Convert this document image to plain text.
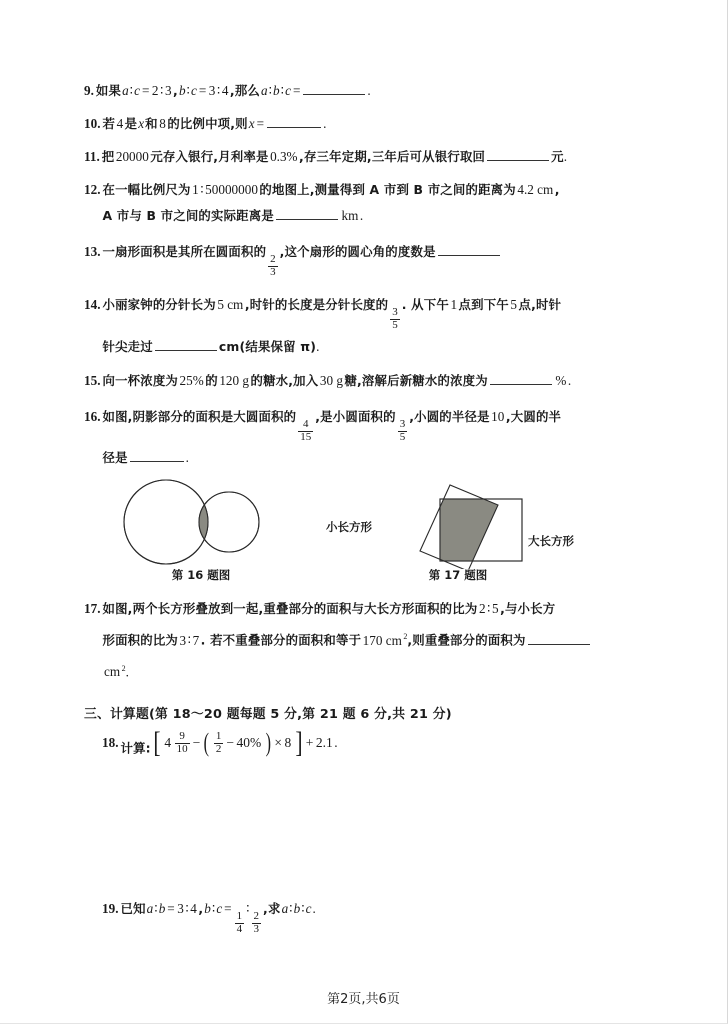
9. 如果a∶c = 2 ∶ 3 ,b∶c = 3 ∶ 4 ,那么a∶b∶c =	.
10. 若 4 是x和 8 的比例中项,则x =	.
11. 把 20000 元存入银行,月利率是 0.3% ,存三年定期,三年后可从银行取回	元.
12. 在一幅比例尺为 1 ∶ 50000000 的地图上,测量得到 A 市到 B 市之间的距离为 4.2 cm ,
A 市与 B 市之间的实际距离是	km .
13. 一扇形面积是其所在圆面积的
$\frac{2}{3}$
,这个扇形的圆心角的度数是
14. 小丽家钟的分针长为 5 cm ,时针的长度是分针长度的
$\frac{3}{5}$
. 从下午 1 点到下午 5 点,时针
针尖走过	cm(结果保留 π).
15. 向一杯浓度为 25% 的 120 g 的糖水,加入 30 g 糖,溶解后新糖水的浓度为	% .
16. 如图,阴影部分的面积是大圆面积的
$\frac{4}{15}$
,是小圆面积的
$\frac{3}{5}$
,小圆的半径是 10 ,大圆的半
径是	.
第 16 题图
小长方形
大长方形
第 17 题图
17. 如图,两个长方形叠放到一起,重叠部分的面积与大长方形面积的比为 2 ∶ 5 ,与小长方
形面积的比为 3 ∶ 7 . 若不重叠部分的面积和等于 170 cm $^2$,则重叠部分的面积为
cm $^2$.
三、计算题(第 18～20 题每题 5 分,第 21 题 6 分,共 21 分)
18. 计算: [ $4 \frac{9}{10}$ − ( $\frac{1}{2} - 40\%$ ) × 8 ] + 2.1 .
19. 已知a∶b = 3 ∶ 4 ,b∶c =
$\frac{1}{4}$
∶
$\frac{2}{3}$
,求a∶b∶c.
第2页,共6页
